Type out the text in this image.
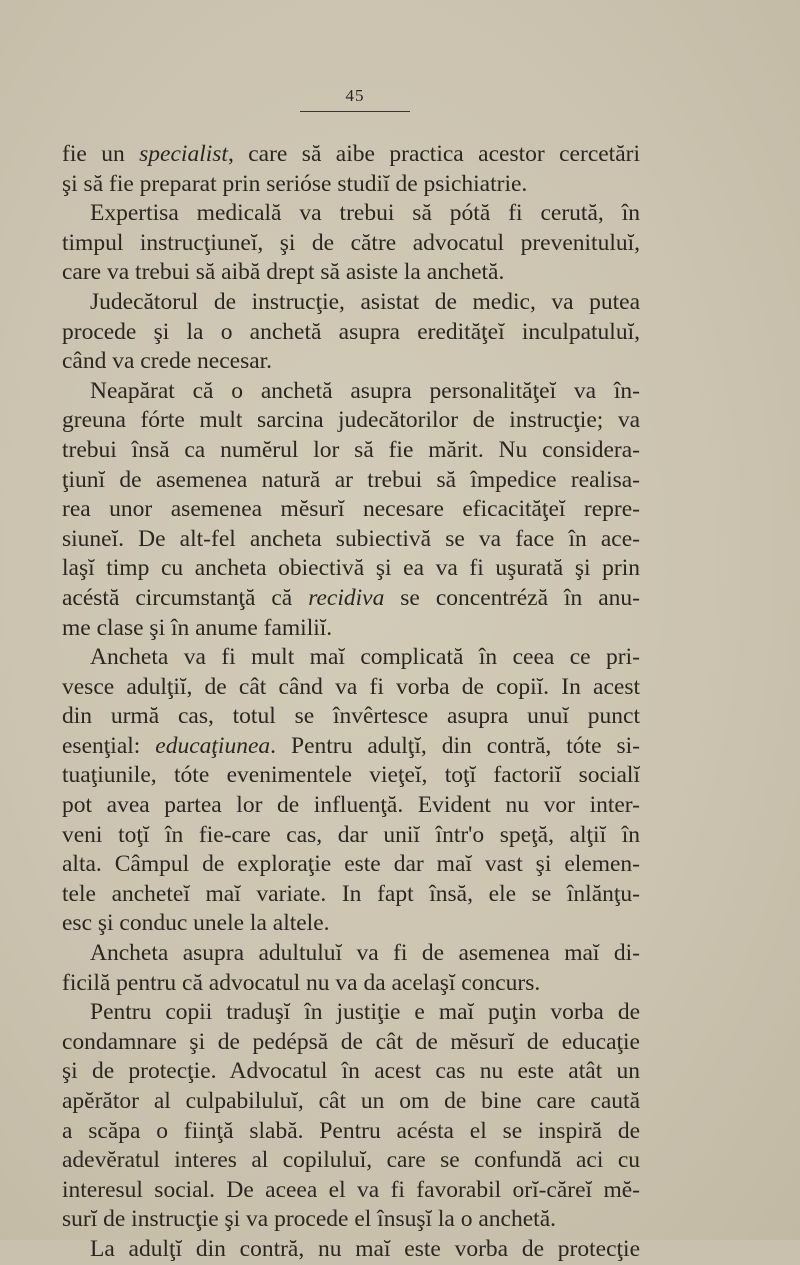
45
fie un specialist, care să aibe practica acestor cercetări
şi să fie preparat prin serióse studiĭ de psichiatrie.
Expertisa medicală va trebui să pótă fi cerută, în
timpul instrucţiuneĭ, şi de către advocatul prevenituluĭ,
care va trebui să aibă drept să asiste la anchetă.
Judecătorul de instrucţie, asistat de medic, va putea
procede şi la o anchetă asupra eredităţeĭ inculpatuluĭ,
când va crede necesar.
Neapărat că o anchetă asupra personalităţeĭ va în-
greuna fórte mult sarcina judecătorilor de instrucţie; va
trebui însă ca numĕrul lor să fie mărit. Nu considera-
ţiunĭ de asemenea natură ar trebui să împedice realisa-
rea unor asemenea mĕsurĭ necesare eficacităţeĭ repre-
siuneĭ. De alt-fel ancheta subiectivă se va face în ace-
laşĭ timp cu ancheta obiectivă şi ea va fi uşurată şi prin
acéstă circumstanţă că recidiva se concentréză în anu-
me clase şi în anume familiĭ.
Ancheta va fi mult maĭ complicată în ceea ce pri-
vesce adulţiĭ, de cât când va fi vorba de copiĭ. In acest
din urmă cas, totul se învêrtesce asupra unuĭ punct
esenţial: educaţiunea. Pentru adulţĭ, din contră, tóte si-
tuaţiunile, tóte evenimentele vieţeĭ, toţĭ factoriĭ socialĭ
pot avea partea lor de influenţă. Evident nu vor inter-
veni toţĭ în fie-care cas, dar uniĭ într'o speţă, alţiĭ în
alta. Câmpul de exploraţie este dar maĭ vast şi elemen-
tele ancheteĭ maĭ variate. In fapt însă, ele se înlănţu-
esc şi conduc unele la altele.
Ancheta asupra adultuluĭ va fi de asemenea maĭ di-
ficilă pentru că advocatul nu va da acelaşĭ concurs.
Pentru copii traduşĭ în justiţie e maĭ puţin vorba de
condamnare şi de pedépsă de cât de mĕsurĭ de educaţie
şi de protecţie. Advocatul în acest cas nu este atât un
apĕrător al culpabiluluĭ, cât un om de bine care caută
a scăpa o fiinţă slabă. Pentru acésta el se inspiră de
adevĕratul interes al copiluluĭ, care se confundă aci cu
interesul social. De aceea el va fi favorabil orĭ-căreĭ mĕ-
surĭ de instrucţie şi va procede el însuşĭ la o anchetă.
La adulţĭ din contră, nu maĭ este vorba de protecţie
